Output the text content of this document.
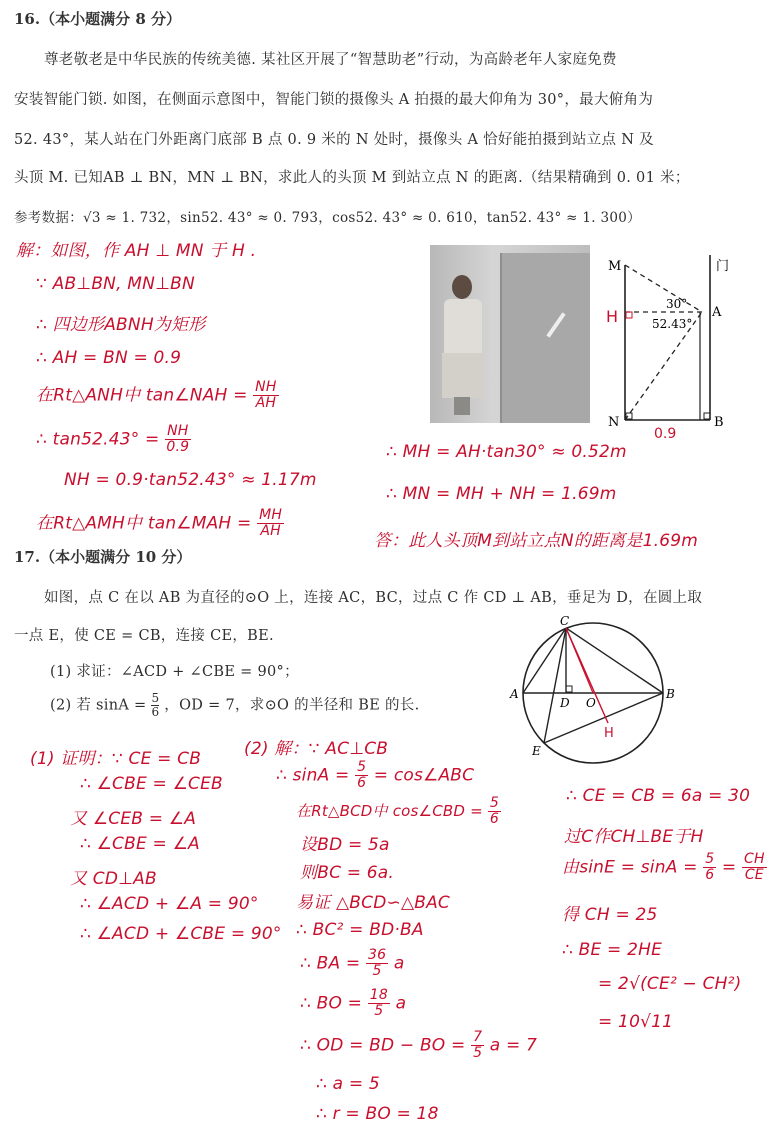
16.（本小题满分 8 分）
尊老敬老是中华民族的传统美德. 某社区开展了“智慧助老”行动，为高龄老年人家庭免费
安装智能门锁. 如图，在侧面示意图中，智能门锁的摄像头 A 拍摄的最大仰角为 30°，最大俯角为
52. 43°，某人站在门外距离门底部 B 点 0. 9 米的 N 处时，摄像头 A 恰好能拍摄到站立点 N 及
头顶 M. 已知AB ⊥ BN，MN ⊥ BN，求此人的头顶 M 到站立点 N 的距离.（结果精确到 0. 01 米；
参考数据：√3 ≈ 1. 732，sin52. 43° ≈ 0. 793，cos52. 43° ≈ 0. 610，tan52. 43° ≈ 1. 300）
M
H	A
N	B
门
30°
52.43°
0.9
解：如图，作 AH ⊥ MN 于 H .
∵ AB⊥BN, MN⊥BN
∴ 四边形ABNH为矩形
∴ AH = BN = 0.9
在Rt△ANH中 tan∠NAH = $\frac{NH}{AH}$
∴ $\tan 52.43^\circ = \frac{NH}{0.9}$
NH = 0.9·tan52.43° ≈ 1.17m
在Rt△AMH中 tan∠MAH = $\frac{MH}{AH}$
∴ MH = AH·tan30° ≈ 0.52m
∴ MN = MH + NH = 1.69m
答：此人头顶M到站立点N的距离是1.69m
17.（本小题满分 10 分）
如图，点 C 在以 AB 为直径的⊙O 上，连接 AC，BC，过点 C 作 CD ⊥ AB，垂足为 D，在圆上取
一点 E，使 CE = CB，连接 CE，BE.
(1) 求证：∠ACD + ∠CBE = 90°；
(2) 若 $\sin A = \frac{5}{6}$ ，OD = 7，求⊙O 的半径和 BE 的长.
C
A	B
D O
E
H
(1) 证明：∵ CE = CB
∴ ∠CBE = ∠CEB
又 ∠CEB = ∠A
∴ ∠CBE = ∠A
又 CD⊥AB
∴ ∠ACD + ∠A = 90°
∴ ∠ACD + ∠CBE = 90°
(2) 解：∵ AC⊥CB
∴ $\sin A = \frac{5}{6}$ = cos∠ABC
在Rt△BCD中 cos∠CBD = $\frac{5}{6}$
设BD = 5a
则BC = 6a.
易证 △BCD∽△BAC
∴ BC² = BD·BA
∴ BA = $\frac{36}{5}$ a
∴ BO = $\frac{18}{5}$ a
∴ OD = BD − BO = $\frac{7}{5}$ a = 7
∴ a = 5
∴ r = BO = 18
∴ CE = CB = 6a = 30
过C作CH⊥BE于H
由$\sin E = \sin A = \frac{5}{6} = \frac{CH}{CE}$
得 CH = 25
∴ BE = 2HE
= 2√(CE² − CH²)
= 10√11
